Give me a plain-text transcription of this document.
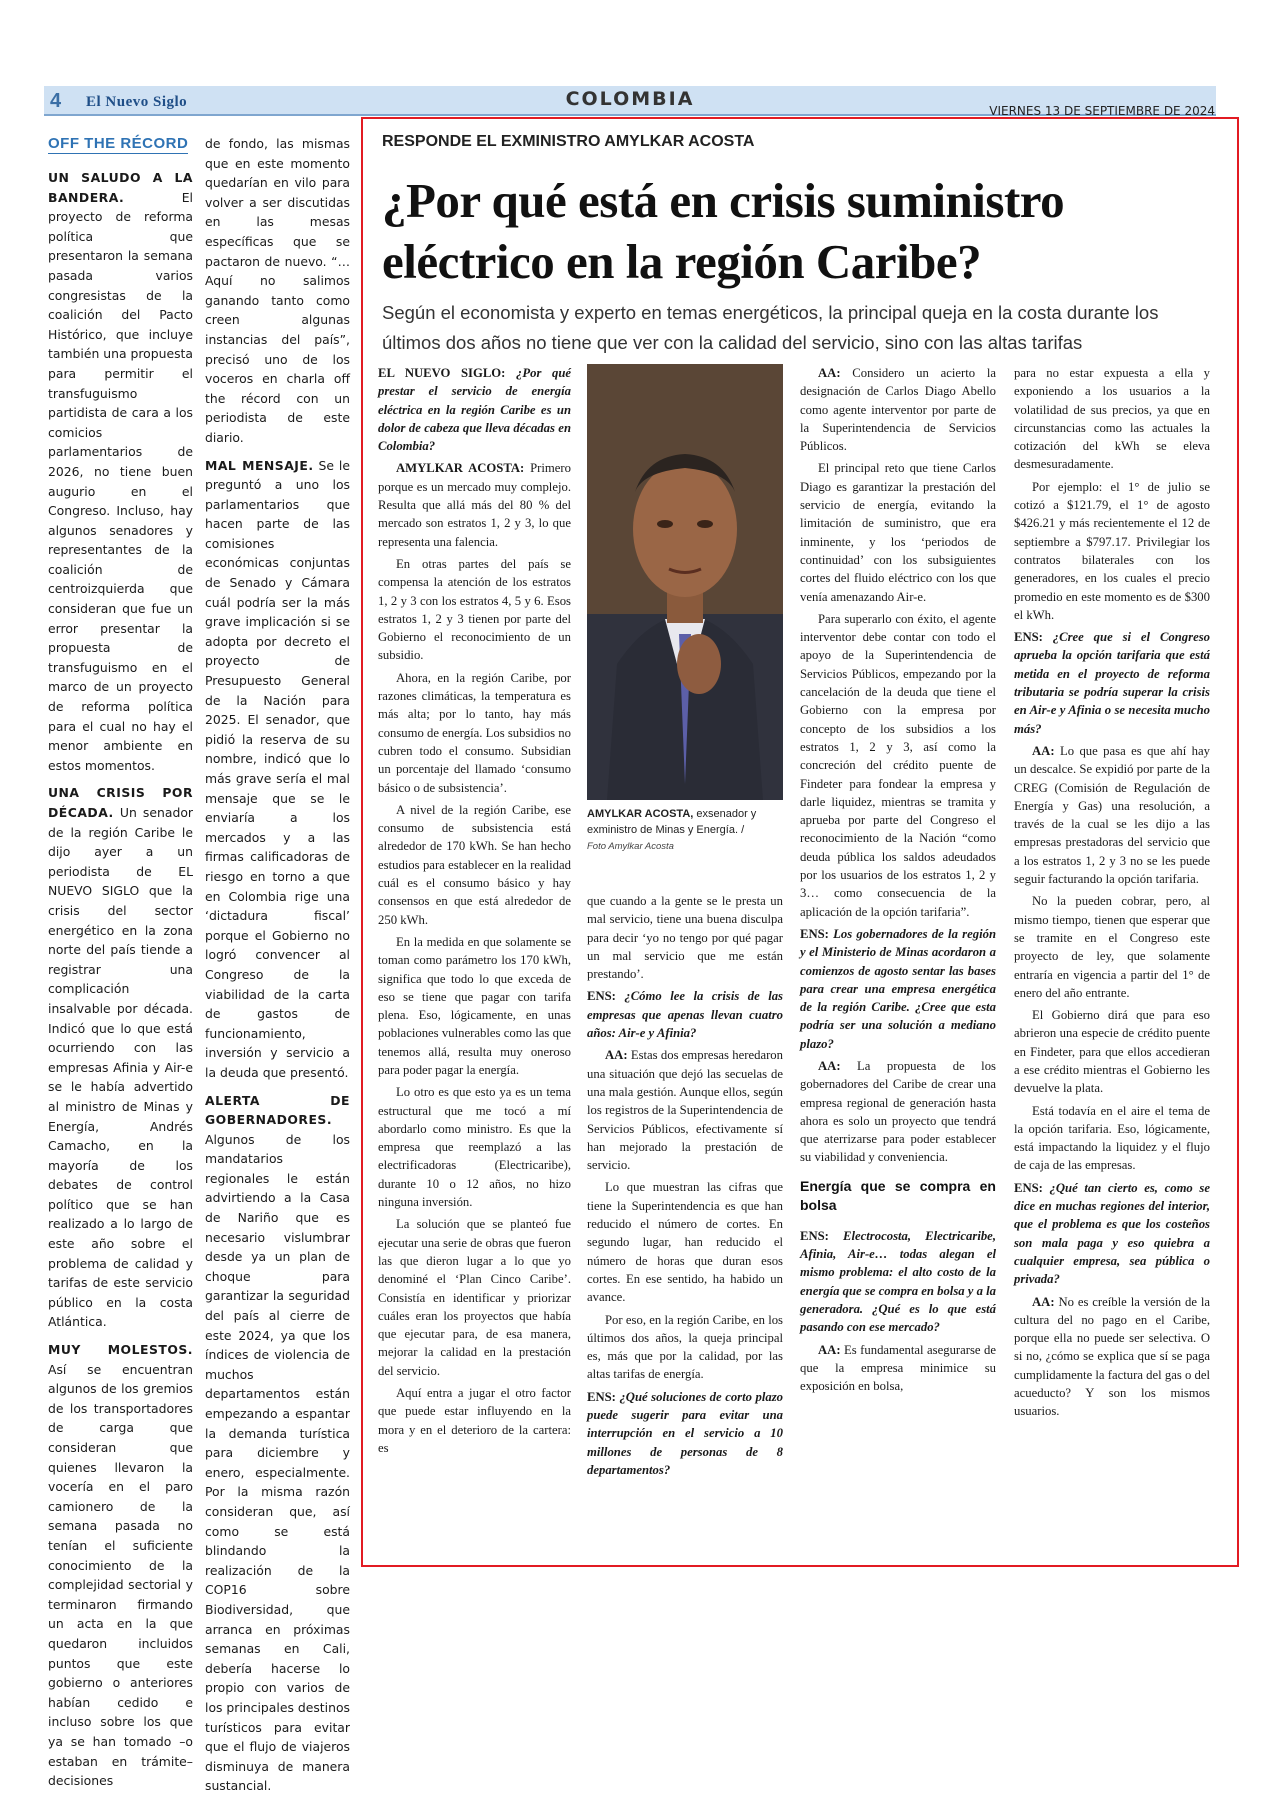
4 El Nuevo Siglo	COLOMBIA
VIERNES 13 DE SEPTIEMBRE DE 2024
OFF THE RÉCORD

UN SALUDO A LA BANDERA. El proyecto de reforma política que presentaron la semana pasada varios congresistas de la coalición del Pacto Histórico, que incluye también una propuesta para permitir el transfuguismo partidista de cara a los comicios parlamentarios de 2026, no tiene buen augurio en el Congreso. Incluso, hay algunos senadores y representantes de la coalición de centroizquierda que consideran que fue un error presentar la propuesta de transfuguismo en el marco de un proyecto de reforma política para el cual no hay el menor ambiente en estos momentos.

UNA CRISIS POR DÉCADA. Un senador de la región Caribe le dijo ayer a un periodista de EL NUEVO SIGLO que la crisis del sector energético en la zona norte del país tiende a registrar una complicación insalvable por década. Indicó que lo que está ocurriendo con las empresas Afinia y Air-e se le había advertido al ministro de Minas y Energía, Andrés Camacho, en la mayoría de los debates de control político que se han realizado a lo largo de este año sobre el problema de calidad y tarifas de este servicio público en la costa Atlántica.

MUY MOLESTOS. Así se encuentran algunos de los gremios de los transportadores de carga que consideran que quienes llevaron la vocería en el paro camionero de la semana pasada no tenían el suficiente conocimiento de la complejidad sectorial y terminaron firmando un acta en la que quedaron incluidos puntos que este gobierno o anteriores habían cedido e incluso sobre los que ya se han tomado –o estaban en trámite– decisiones

de fondo, las mismas que en este momento quedarían en vilo para volver a ser discutidas en las mesas específicas que se pactaron de nuevo. “… Aquí no salimos ganando tanto como creen algunas instancias del país”, precisó uno de los voceros en charla off the récord con un periodista de este diario.

MAL MENSAJE. Se le preguntó a uno los parlamentarios que hacen parte de las comisiones económicas conjuntas de Senado y Cámara cuál podría ser la más grave implicación si se adopta por decreto el proyecto de Presupuesto General de la Nación para 2025. El senador, que pidió la reserva de su nombre, indicó que lo más grave sería el mal mensaje que se le enviaría a los mercados y a las firmas calificadoras de riesgo en torno a que en Colombia rige una ‘dictadura fiscal’ porque el Gobierno no logró convencer al Congreso de la viabilidad de la carta de gastos de funcionamiento, inversión y servicio a la deuda que presentó.

ALERTA DE GOBERNADORES. Algunos de los mandatarios regionales le están advirtiendo a la Casa de Nariño que es necesario vislumbrar desde ya un plan de choque para garantizar la seguridad del país al cierre de este 2024, ya que los índices de violencia de muchos departamentos están empezando a espantar la demanda turística para diciembre y enero, especialmente. Por la misma razón consideran que, así como se está blindando la realización de la COP16 sobre Biodiversidad, que arranca en próximas semanas en Cali, debería hacerse lo propio con varios de los principales destinos turísticos para evitar que el flujo de viajeros disminuya de manera sustancial.

RESPONDE EL EXMINISTRO AMYLKAR ACOSTA
¿Por qué está en crisis suministro eléctrico en la región Caribe?
Según el economista y experto en temas energéticos, la principal queja en la costa durante los últimos dos años no tiene que ver con la calidad del servicio, sino con las altas tarifas

EL NUEVO SIGLO: ¿Por qué prestar el servicio de energía eléctrica en la región Caribe es un dolor de cabeza que lleva décadas en Colombia?

AMYLKAR ACOSTA: Primero porque es un mercado muy complejo. Resulta que allá más del 80 % del mercado son estratos 1, 2 y 3, lo que representa una falencia.

En otras partes del país se compensa la atención de los estratos 1, 2 y 3 con los estratos 4, 5 y 6. Esos estratos 1, 2 y 3 tienen por parte del Gobierno el reconocimiento de un subsidio.

Ahora, en la región Caribe, por razones climáticas, la temperatura es más alta; por lo tanto, hay más consumo de energía. Los subsidios no cubren todo el consumo. Subsidian un porcentaje del llamado ‘consumo básico o de subsistencia’.

A nivel de la región Caribe, ese consumo de subsistencia está alrededor de 170 kWh. Se han hecho estudios para establecer en la realidad cuál es el consumo básico y hay consensos en que está alrededor de 250 kWh.

En la medida en que solamente se toman como parámetro los 170 kWh, significa que todo lo que exceda de eso se tiene que pagar con tarifa plena. Eso, lógicamente, en unas poblaciones vulnerables como las que tenemos allá, resulta muy oneroso para poder pagar la energía.

Lo otro es que esto ya es un tema estructural que me tocó a mí abordarlo como ministro. Es que la empresa que reemplazó a las electrificadoras (Electricaribe), durante 10 o 12 años, no hizo ninguna inversión.

La solución que se planteó fue ejecutar una serie de obras que fueron las que dieron lugar a lo que yo denominé el ‘Plan Cinco Caribe’. Consistía en identificar y priorizar cuáles eran los proyectos que había que ejecutar para, de esa manera, mejorar la calidad en la prestación del servicio.

Aquí entra a jugar el otro factor que puede estar influyendo en la mora y en el deterioro de la cartera: es

AMYLKAR ACOSTA, exsenador y exministro de Minas y Energía. /
Foto Amylkar Acosta

que cuando a la gente se le presta un mal servicio, tiene una buena disculpa para decir ‘yo no tengo por qué pagar un mal servicio que me están prestando’.

ENS: ¿Cómo lee la crisis de las empresas que apenas llevan cuatro años: Air-e y Afinia?

AA: Estas dos empresas heredaron una situación que dejó las secuelas de una mala gestión. Aunque ellos, según los registros de la Superintendencia de Servicios Públicos, efectivamente sí han mejorado la prestación de servicio.

Lo que muestran las cifras que tiene la Superintendencia es que han reducido el número de cortes. En segundo lugar, han reducido el número de horas que duran esos cortes. En ese sentido, ha habido un avance.

Por eso, en la región Caribe, en los últimos dos años, la queja principal es, más que por la calidad, por las altas tarifas de energía.

ENS: ¿Qué soluciones de corto plazo puede sugerir para evitar una interrupción en el servicio a 10 millones de personas de 8 departamentos?

AA: Considero un acierto la designación de Carlos Diago Abello como agente interventor por parte de la Superintendencia de Servicios Públicos.

El principal reto que tiene Carlos Diago es garantizar la prestación del servicio de energía, evitando la limitación de suministro, que era inminente, y los ‘periodos de continuidad’ con los subsiguientes cortes del fluido eléctrico con los que venía amenazando Air-e.

Para superarlo con éxito, el agente interventor debe contar con todo el apoyo de la Superintendencia de Servicios Públicos, empezando por la cancelación de la deuda que tiene el Gobierno con la empresa por concepto de los subsidios a los estratos 1, 2 y 3, así como la concreción del crédito puente de Findeter para fondear la empresa y darle liquidez, mientras se tramita y aprueba por parte del Congreso el reconocimiento de la Nación “como deuda pública los saldos adeudados por los usuarios de los estratos 1, 2 y 3… como consecuencia de la aplicación de la opción tarifaria”.

ENS: Los gobernadores de la región y el Ministerio de Minas acordaron a comienzos de agosto sentar las bases para crear una empresa energética de la región Caribe. ¿Cree que esta podría ser una solución a mediano plazo?

AA: La propuesta de los gobernadores del Caribe de crear una empresa regional de generación hasta ahora es solo un proyecto que tendrá que aterrizarse para poder establecer su viabilidad y conveniencia.

Energía que se compra en bolsa

ENS: Electrocosta, Electricaribe, Afinia, Air-e… todas alegan el mismo problema: el alto costo de la energía que se compra en bolsa y a la generadora. ¿Qué es lo que está pasando con ese mercado?

AA: Es fundamental asegurarse de que la empresa minimice su exposición en bolsa,

para no estar expuesta a ella y exponiendo a los usuarios a la volatilidad de sus precios, ya que en circunstancias como las actuales la cotización del kWh se eleva desmesuradamente.

Por ejemplo: el 1° de julio se cotizó a $121.79, el 1° de agosto $426.21 y más recientemente el 12 de septiembre a $797.17. Privilegiar los contratos bilaterales con los generadores, en los cuales el precio promedio en este momento es de $300 el kWh.

ENS: ¿Cree que si el Congreso aprueba la opción tarifaria que está metida en el proyecto de reforma tributaria se podría superar la crisis en Air-e y Afinia o se necesita mucho más?

AA: Lo que pasa es que ahí hay un descalce. Se expidió por parte de la CREG (Comisión de Regulación de Energía y Gas) una resolución, a través de la cual se les dijo a las empresas prestadoras del servicio que a los estratos 1, 2 y 3 no se les puede seguir facturando la opción tarifaria.

No la pueden cobrar, pero, al mismo tiempo, tienen que esperar que se tramite en el Congreso este proyecto de ley, que solamente entraría en vigencia a partir del 1° de enero del año entrante.

El Gobierno dirá que para eso abrieron una especie de crédito puente en Findeter, para que ellos accedieran a ese crédito mientras el Gobierno les devuelve la plata.

Está todavía en el aire el tema de la opción tarifaria. Eso, lógicamente, está impactando la liquidez y el flujo de caja de las empresas.

ENS: ¿Qué tan cierto es, como se dice en muchas regiones del interior, que el problema es que los costeños son mala paga y eso quiebra a cualquier empresa, sea pública o privada?

AA: No es creíble la versión de la cultura del no pago en el Caribe, porque ella no puede ser selectiva. O si no, ¿cómo se explica que sí se paga cumplidamente la factura del gas o del acueducto? Y son los mismos usuarios.
